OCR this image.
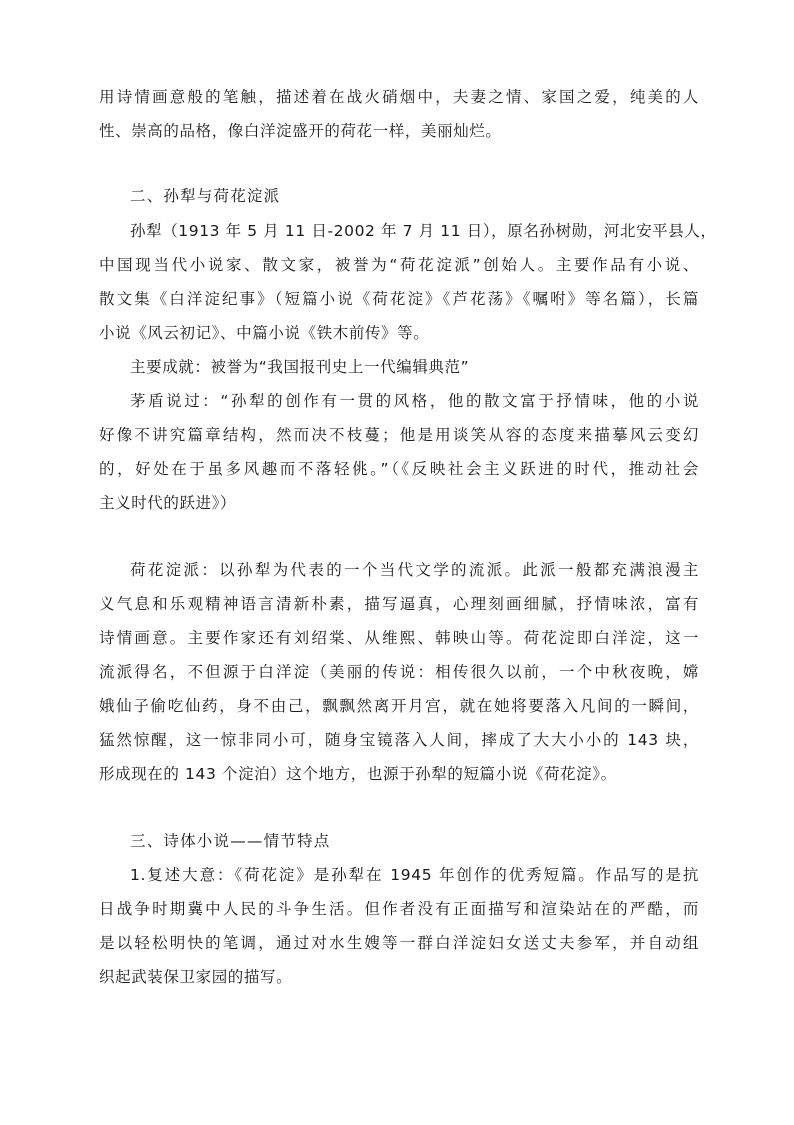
用诗情画意般的笔触，描述着在战火硝烟中，夫妻之情、家国之爱，纯美的人
性、崇高的品格，像白洋淀盛开的荷花一样，美丽灿烂。
二、孙犁与荷花淀派
孙犁（1913 年 5 月 11 日-2002 年 7 月 11 日），原名孙树勋，河北安平县人，
中国现当代小说家、散文家，被誉为“荷花淀派”创始人。主要作品有小说、
散文集《白洋淀纪事》（短篇小说《荷花淀》《芦花荡》《嘱咐》等名篇），长篇
小说《风云初记》、中篇小说《铁木前传》等。
主要成就：被誉为“我国报刊史上一代编辑典范”
茅盾说过：“孙犁的创作有一贯的风格，他的散文富于抒情味，他的小说
好像不讲究篇章结构，然而决不枝蔓；他是用谈笑从容的态度来描摹风云变幻
的，好处在于虽多风趣而不落轻佻。”（《反映社会主义跃进的时代，推动社会
主义时代的跃进》）
荷花淀派：以孙犁为代表的一个当代文学的流派。此派一般都充满浪漫主
义气息和乐观精神语言清新朴素，描写逼真，心理刻画细腻，抒情味浓，富有
诗情画意。主要作家还有刘绍棠、从维熙、韩映山等。荷花淀即白洋淀，这一
流派得名，不但源于白洋淀（美丽的传说：相传很久以前，一个中秋夜晚，嫦
娥仙子偷吃仙药，身不由己，飘飘然离开月宫，就在她将要落入凡间的一瞬间，
猛然惊醒，这一惊非同小可，随身宝镜落入人间，摔成了大大小小的 143 块，
形成现在的 143 个淀泊）这个地方，也源于孙犁的短篇小说《荷花淀》。
三、诗体小说——情节特点
1.复述大意：《荷花淀》是孙犁在 1945 年创作的优秀短篇。作品写的是抗
日战争时期冀中人民的斗争生活。但作者没有正面描写和渲染站在的严酷，而
是以轻松明快的笔调，通过对水生嫂等一群白洋淀妇女送丈夫参军，并自动组
织起武装保卫家园的描写。
